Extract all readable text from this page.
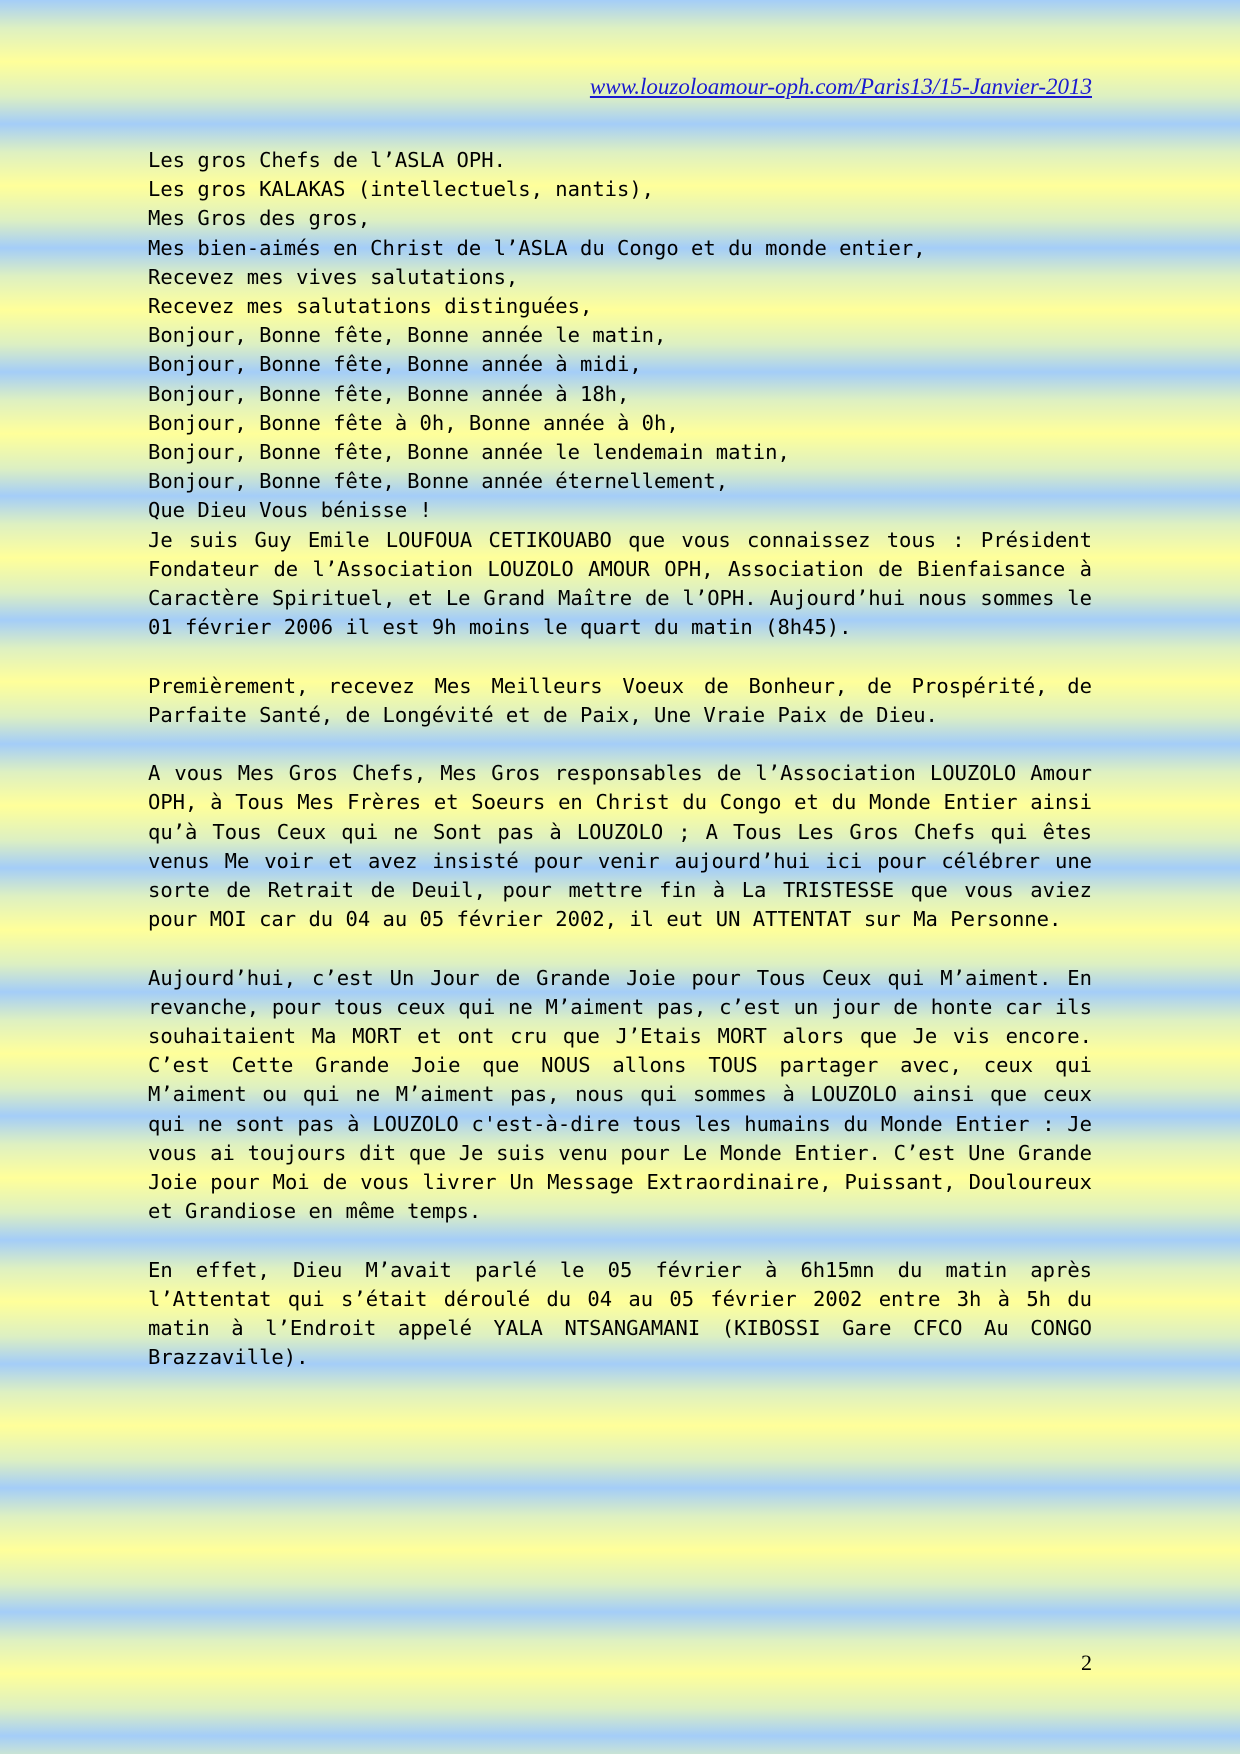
www.louzoloamour-oph.com/Paris13/15-Janvier-2013
Les gros Chefs de l’ASLA OPH.
Les gros KALAKAS (intellectuels, nantis),
Mes Gros des gros,
Mes bien-aimés en Christ de l’ASLA du Congo et du monde entier,
Recevez mes vives salutations,
Recevez mes salutations distinguées,
Bonjour, Bonne fête, Bonne année le matin,
Bonjour, Bonne fête, Bonne année à midi,
Bonjour, Bonne fête, Bonne année à 18h,
Bonjour, Bonne fête à 0h, Bonne année à 0h,
Bonjour, Bonne fête, Bonne année le lendemain matin,
Bonjour, Bonne fête, Bonne année éternellement,
Que Dieu Vous bénisse !

Je suis Guy Emile LOUFOUA CETIKOUABO que vous connaissez tous : Président Fondateur de l’Association LOUZOLO AMOUR OPH, Association de Bienfaisance à Caractère Spirituel, et Le Grand Maître de l’OPH. Aujourd’hui nous sommes le 01 février 2006 il est 9h moins le quart du matin (8h45).

Premièrement, recevez Mes Meilleurs Voeux de Bonheur, de Prospérité, de Parfaite Santé, de Longévité et de Paix, Une Vraie Paix de Dieu.

A vous Mes Gros Chefs, Mes Gros responsables de l’Association LOUZOLO Amour OPH, à Tous Mes Frères et Soeurs en Christ du Congo et du Monde Entier ainsi qu’à Tous Ceux qui ne Sont pas à LOUZOLO ; A Tous Les Gros Chefs qui êtes venus Me voir et avez insisté pour venir aujourd’hui ici pour célébrer une sorte de Retrait de Deuil, pour mettre fin à La TRISTESSE que vous aviez pour MOI car du 04 au 05 février 2002, il eut UN ATTENTAT sur Ma Personne.

Aujourd’hui, c’est Un Jour de Grande Joie pour Tous Ceux qui M’aiment. En revanche, pour tous ceux qui ne M’aiment pas, c’est un jour de honte car ils souhaitaient Ma MORT et ont cru que J’Etais MORT alors que Je vis encore. C’est Cette Grande Joie que NOUS allons TOUS partager avec, ceux qui M’aiment ou qui ne M’aiment pas, nous qui sommes à LOUZOLO ainsi que ceux qui ne sont pas à LOUZOLO c'est-à-dire tous les humains du Monde Entier : Je vous ai toujours dit que Je suis venu pour Le Monde Entier. C’est Une Grande Joie pour Moi de vous livrer Un Message Extraordinaire, Puissant, Douloureux et Grandiose en même temps.

En effet, Dieu M’avait parlé le 05 février à 6h15mn du matin après l’Attentat qui s’était déroulé du 04 au 05 février 2002 entre 3h à 5h du matin à l’Endroit appelé YALA NTSANGAMANI (KIBOSSI Gare CFCO Au CONGO Brazzaville).

2
